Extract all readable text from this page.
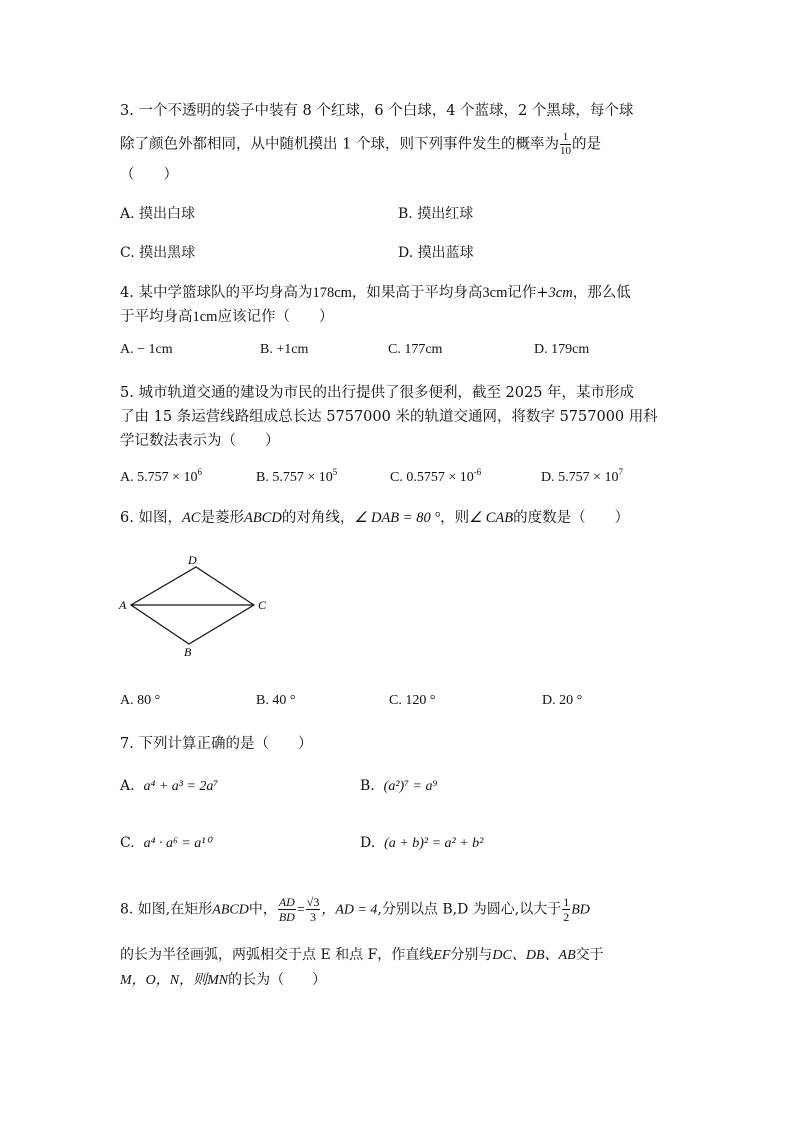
3. 一个不透明的袋子中装有 8 个红球，6 个白球，4 个蓝球，2 个黑球，每个球
除了颜色外都相同，从中随机摸出 1 个球，则下列事件发生的概率为 $\frac{1}{10}$ 的是
（　　）
A. 摸出白球	B. 摸出红球
C. 摸出黑球	D. 摸出蓝球
4. 某中学篮球队的平均身高为178cm，如果高于平均身高3cm记作+3cm，那么低
于平均身高1cm应该记作（　　）
A. − 1cm	B. +1cm	C. 177cm	D. 179cm
5. 城市轨道交通的建设为市民的出行提供了很多便利，截至 2025 年，某市形成
了由 15 条运营线路组成总长达 5757000 米的轨道交通网，将数字 5757000 用科
学记数法表示为（　　）
A. $5.757 \times 10^6$	B. $5.757 \times 10^5$	C. $0.5757 \times 10^{-6}$	D. $5.757 \times 10^7$
6. 如图，AC是菱形ABCD的对角线，∠ DAB = 80 °，则∠ CAB的度数是（　　）
D
A	C
B
A. 80 °	B. 40 °	C. 120 °	D. 20 °
7. 下列计算正确的是（　　）
A. a⁴ + a³ = 2a⁷	B. (a²)⁷ = a⁹
C. a⁴ · a⁶ = a¹⁰	D. (a + b)² = a² + b²
8. 如图,在矩形ABCD中， $\frac{AD}{BD} = \frac{√3}{3}$ ，AD = 4,分别以点 B,D 为圆心,以大于 $\frac{1}{2}$ BD
的长为半径画弧，两弧相交于点 E 和点 F，作直线EF分别与DC、DB、AB交于
M，O，N，则MN的长为（　　）
